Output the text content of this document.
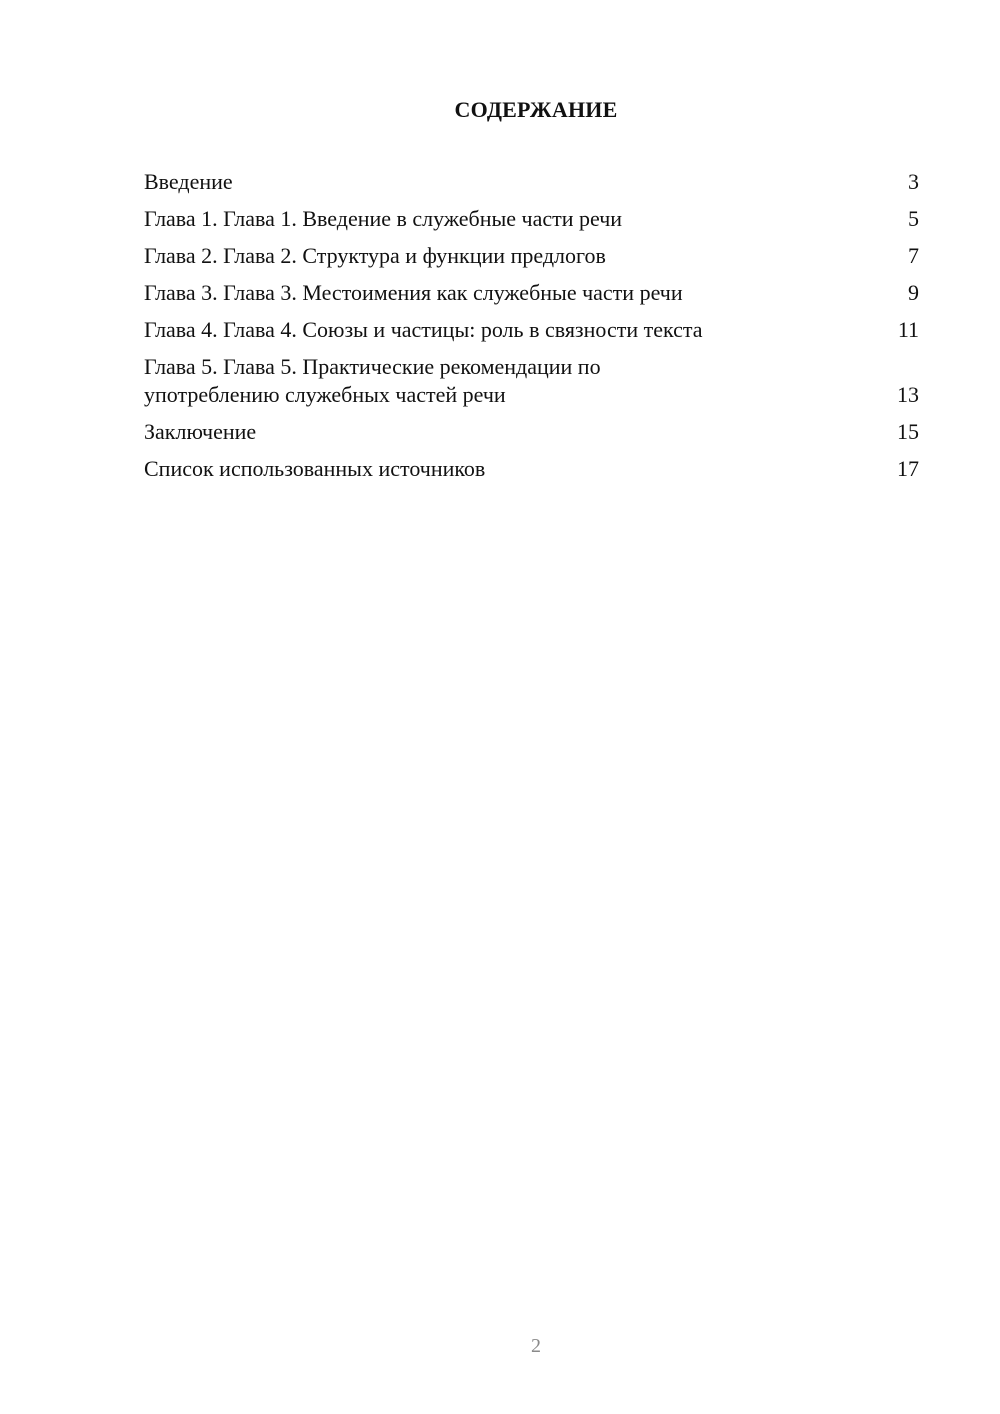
СОДЕРЖАНИЕ
Введение	3
Глава 1. Глава 1. Введение в служебные части речи	5
Глава 2. Глава 2. Структура и функции предлогов	7
Глава 3. Глава 3. Местоимения как служебные части речи	9
Глава 4. Глава 4. Союзы и частицы: роль в связности текста	11
Глава 5. Глава 5. Практические рекомендации по
употреблению служебных частей речи	13
Заключение	15
Список использованных источников	17
2
